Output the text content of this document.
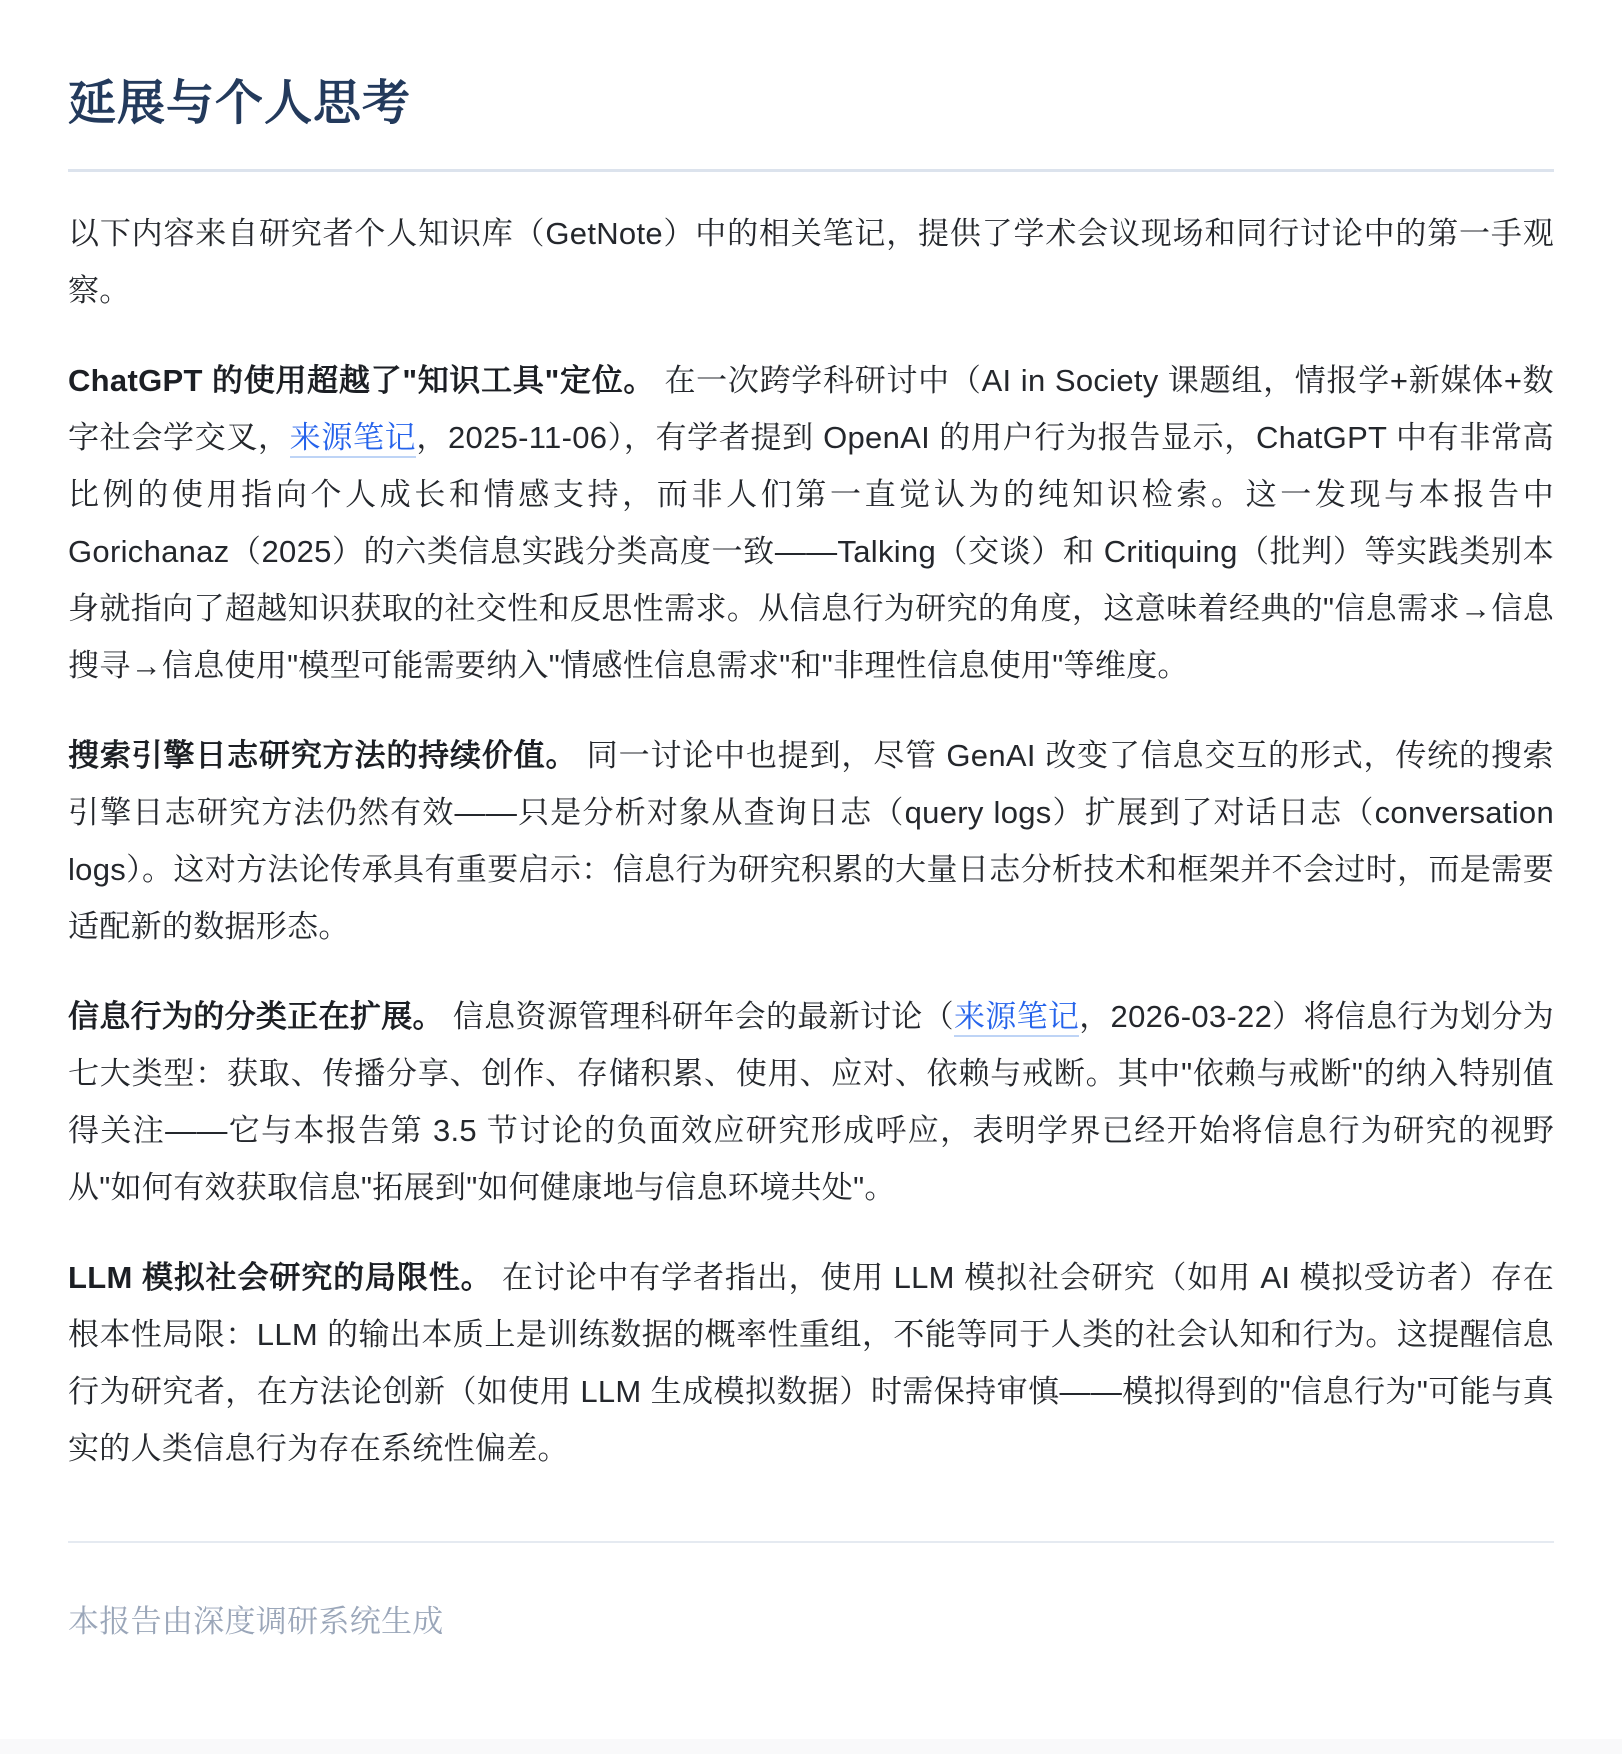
延展与个人思考

以下内容来自研究者个人知识库（GetNote）中的相关笔记，提供了学术会议现场和同行讨论中的第一手观察。

ChatGPT 的使用超越了"知识工具"定位。 在一次跨学科研讨中（AI in Society 课题组，情报学+新媒体+数字社会学交叉，来源笔记，2025-11-06），有学者提到 OpenAI 的用户行为报告显示，ChatGPT 中有非常高比例的使用指向个人成长和情感支持，而非人们第一直觉认为的纯知识检索。这一发现与本报告中 Gorichanaz（2025）的六类信息实践分类高度一致——Talking（交谈）和 Critiquing（批判）等实践类别本身就指向了超越知识获取的社交性和反思性需求。从信息行为研究的角度，这意味着经典的"信息需求→信息搜寻→信息使用"模型可能需要纳入"情感性信息需求"和"非理性信息使用"等维度。

搜索引擎日志研究方法的持续价值。 同一讨论中也提到，尽管 GenAI 改变了信息交互的形式，传统的搜索引擎日志研究方法仍然有效——只是分析对象从查询日志（query logs）扩展到了对话日志（conversation logs）。这对方法论传承具有重要启示：信息行为研究积累的大量日志分析技术和框架并不会过时，而是需要适配新的数据形态。

信息行为的分类正在扩展。 信息资源管理科研年会的最新讨论（来源笔记，2026-03-22）将信息行为划分为七大类型：获取、传播分享、创作、存储积累、使用、应对、依赖与戒断。其中"依赖与戒断"的纳入特别值得关注——它与本报告第 3.5 节讨论的负面效应研究形成呼应，表明学界已经开始将信息行为研究的视野从"如何有效获取信息"拓展到"如何健康地与信息环境共处"。

LLM 模拟社会研究的局限性。 在讨论中有学者指出，使用 LLM 模拟社会研究（如用 AI 模拟受访者）存在根本性局限：LLM 的输出本质上是训练数据的概率性重组，不能等同于人类的社会认知和行为。这提醒信息行为研究者，在方法论创新（如使用 LLM 生成模拟数据）时需保持审慎——模拟得到的"信息行为"可能与真实的人类信息行为存在系统性偏差。

本报告由深度调研系统生成
